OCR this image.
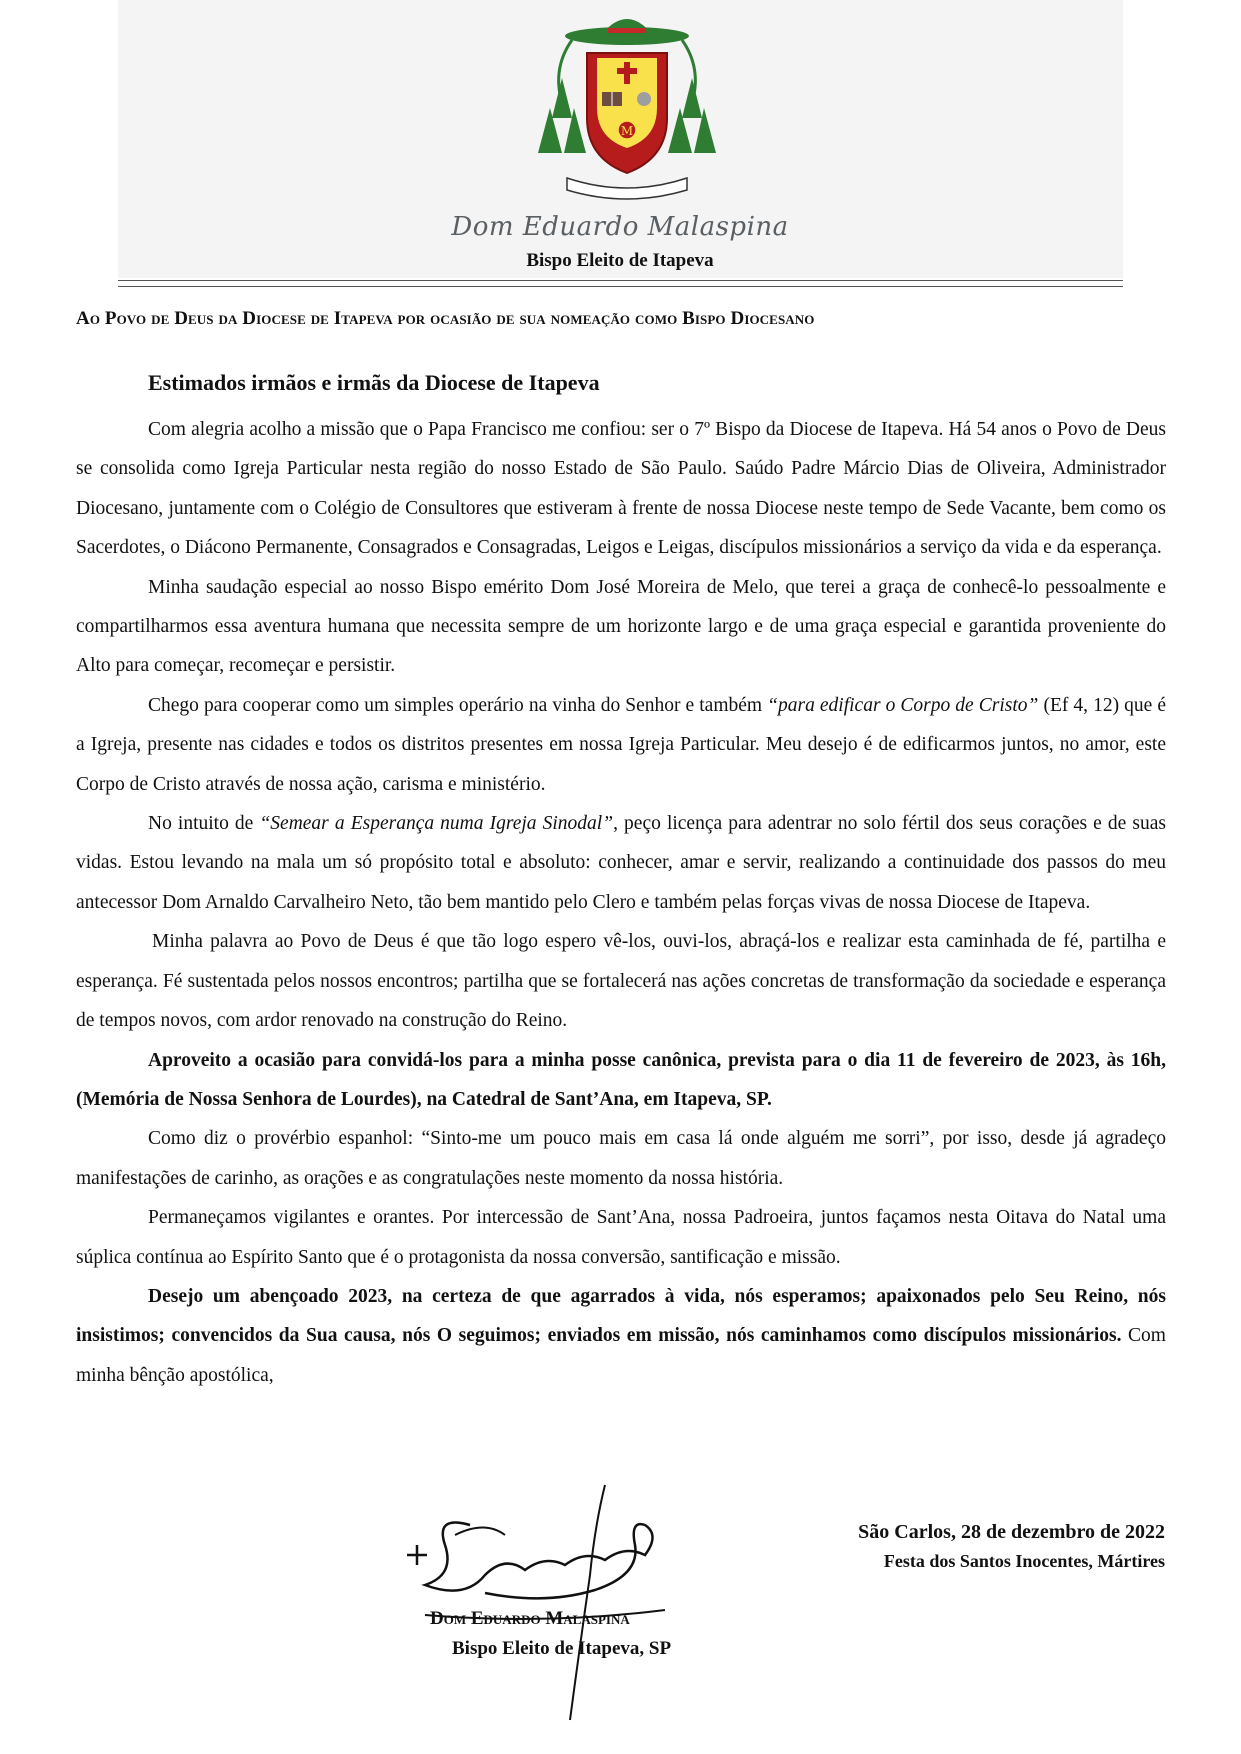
M
Dom Eduardo Malaspina
Bispo Eleito de Itapeva
Ao Povo de Deus da Diocese de Itapeva por ocasião de sua nomeação como Bispo Diocesano
Estimados irmãos e irmãs da Diocese de Itapeva

Com alegria acolho a missão que o Papa Francisco me confiou: ser o 7º Bispo da Diocese de Itapeva. Há 54 anos o Povo de Deus se consolida como Igreja Particular nesta região do nosso Estado de São Paulo. Saúdo Padre Márcio Dias de Oliveira, Administrador Diocesano, juntamente com o Colégio de Consultores que estiveram à frente de nossa Diocese neste tempo de Sede Vacante, bem como os Sacerdotes, o Diácono Permanente, Consagrados e Consagradas, Leigos e Leigas, discípulos missionários a serviço da vida e da esperança.

Minha saudação especial ao nosso Bispo emérito Dom José Moreira de Melo, que terei a graça de conhecê-lo pessoalmente e compartilharmos essa aventura humana que necessita sempre de um horizonte largo e de uma graça especial e garantida proveniente do Alto para começar, recomeçar e persistir.

Chego para cooperar como um simples operário na vinha do Senhor e também “para edificar o Corpo de Cristo” (Ef 4, 12) que é a Igreja, presente nas cidades e todos os distritos presentes em nossa Igreja Particular. Meu desejo é de edificarmos juntos, no amor, este Corpo de Cristo através de nossa ação, carisma e ministério.

No intuito de “Semear a Esperança numa Igreja Sinodal”, peço licença para adentrar no solo fértil dos seus corações e de suas vidas. Estou levando na mala um só propósito total e absoluto: conhecer, amar e servir, realizando a continuidade dos passos do meu antecessor Dom Arnaldo Carvalheiro Neto, tão bem mantido pelo Clero e também pelas forças vivas de nossa Diocese de Itapeva.

Minha palavra ao Povo de Deus é que tão logo espero vê-los, ouvi-los, abraçá-los e realizar esta caminhada de fé, partilha e esperança. Fé sustentada pelos nossos encontros; partilha que se fortalecerá nas ações concretas de transformação da sociedade e esperança de tempos novos, com ardor renovado na construção do Reino.

Aproveito a ocasião para convidá-los para a minha posse canônica, prevista para o dia 11 de fevereiro de 2023, às 16h, (Memória de Nossa Senhora de Lourdes), na Catedral de Sant’Ana, em Itapeva, SP.

Como diz o provérbio espanhol: “Sinto-me um pouco mais em casa lá onde alguém me sorri”, por isso, desde já agradeço manifestações de carinho, as orações e as congratulações neste momento da nossa história.

Permaneçamos vigilantes e orantes. Por intercessão de Sant’Ana, nossa Padroeira, juntos façamos nesta Oitava do Natal uma súplica contínua ao Espírito Santo que é o protagonista da nossa conversão, santificação e missão.

Desejo um abençoado 2023, na certeza de que agarrados à vida, nós esperamos; apaixonados pelo Seu Reino, nós insistimos; convencidos da Sua causa, nós O seguimos; enviados em missão, nós caminhamos como discípulos missionários. Com minha bênção apostólica,

São Carlos, 28 de dezembro de 2022
Festa dos Santos Inocentes, Mártires
Dom Eduardo Malaspina
Bispo Eleito de Itapeva, SP
